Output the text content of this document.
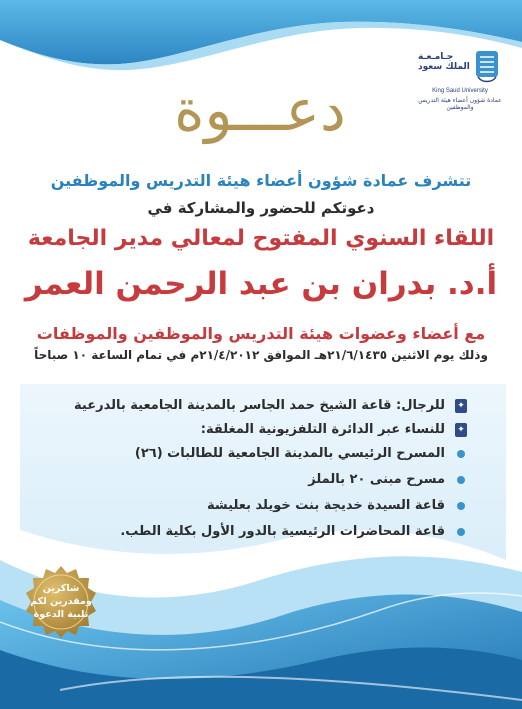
جـامـعـة
الملك سعود
King Saud University
عمادة شؤون أعضاء هيئة التدريس والموظفين
دعـــوة
تتشرف عمادة شؤون أعضاء هيئة التدريس والموظفين
دعوتكم للحضور والمشاركة في
اللقاء السنوي المفتوح لمعالي مدير الجامعة
أ.د. بدران بن عبد الرحمن العمر
مع أعضاء وعضوات هيئة التدريس والموظفين والموظفات
وذلك يوم الاثنين ٢١/٦/١٤٣٥هـ الموافق ٢١/٤/٢٠١٢م في تمام الساعة ١٠ صباحاً
✦
للرجال: قاعة الشيخ حمد الجاسر بالمدينة الجامعية بالدرعية
✦
للنساء عبر الدائرة التلفزيونية المغلقة:
المسرح الرئيسي بالمدينة الجامعية للطالبات (٢٦)
مسرح مبنى ٢٠ بالملز
قاعة السيدة خديجة بنت خويلد بعليشة
قاعة المحاضرات الرئيسية بالدور الأول بكلية الطب.
شاكرين
ومقدرين لكم
تلبية الدعوة
